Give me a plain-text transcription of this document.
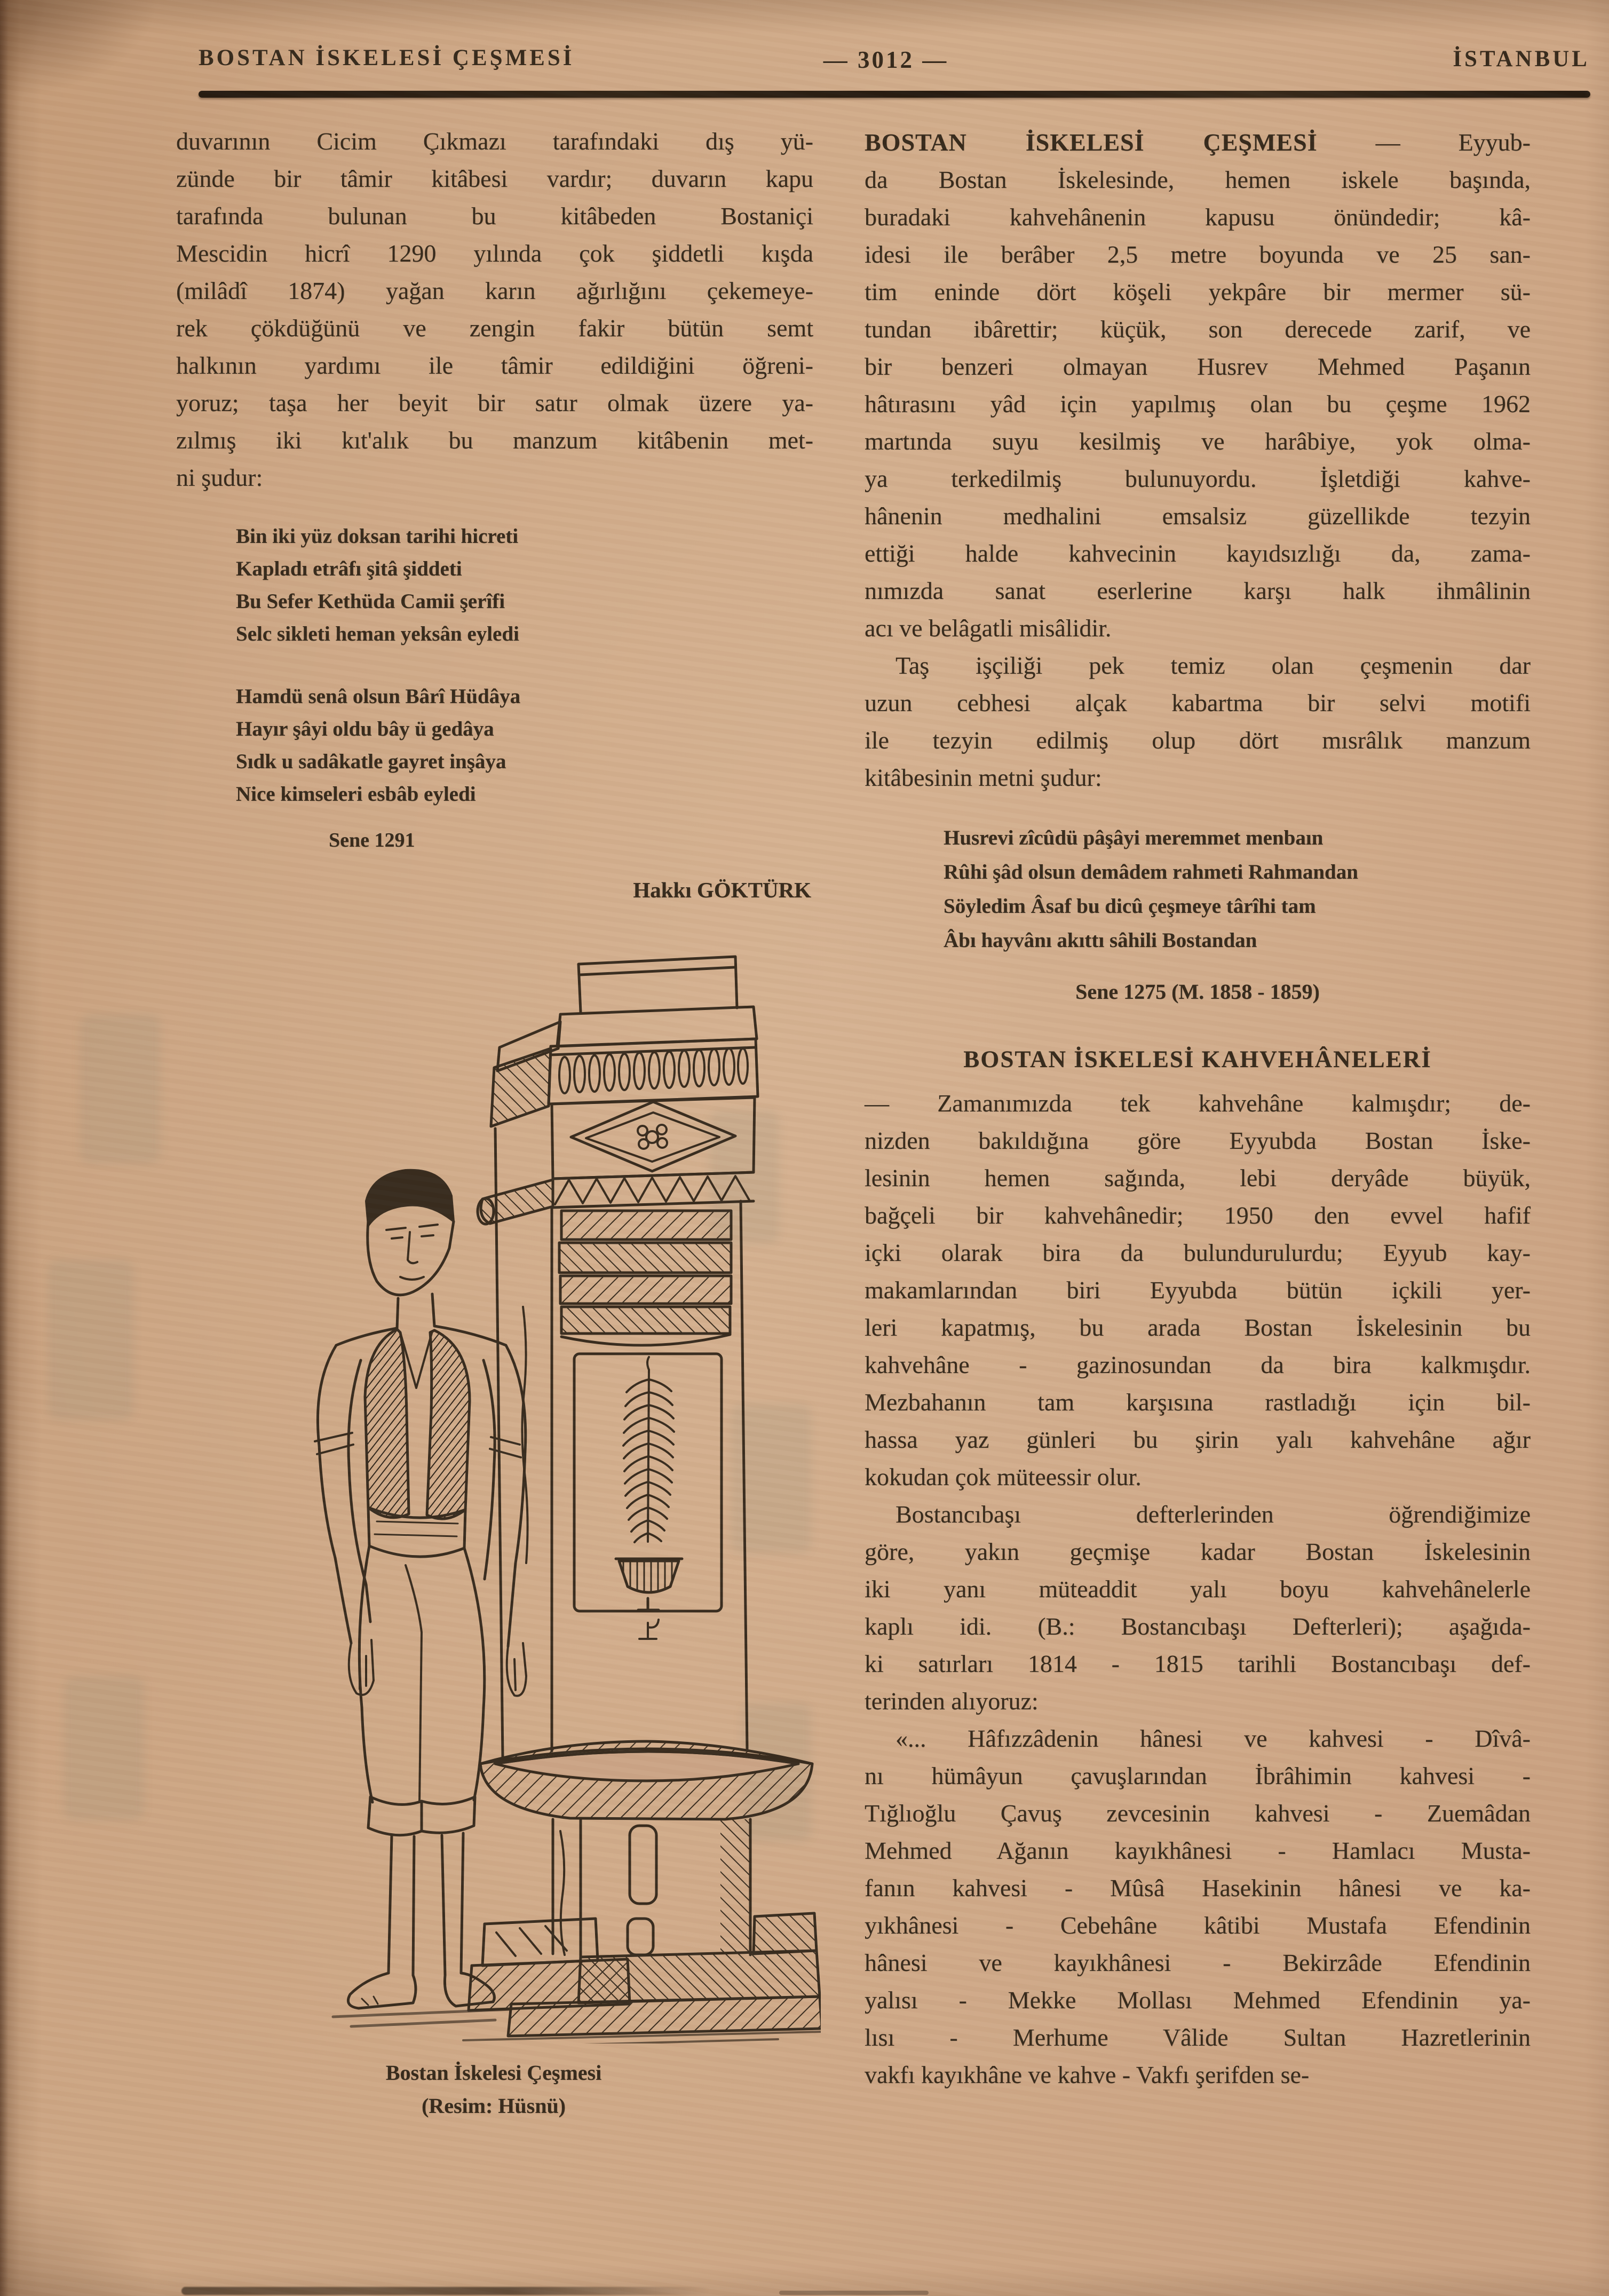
BOSTAN İSKELESİ ÇEŞMESİ	— 3012 —	İSTANBUL
duvarının Cicim Çıkmazı tarafındaki dış yü-
zünde bir tâmir kitâbesi vardır; duvarın kapu
tarafında bulunan bu kitâbeden Bostaniçi
Mescidin hicrî 1290 yılında çok şiddetli kışda
(milâdî 1874) yağan karın ağırlığını çekemeye-
rek çökdüğünü ve zengin fakir bütün semt
halkının yardımı ile tâmir edildiğini öğreni-
yoruz; taşa her beyit bir satır olmak üzere ya-
zılmış iki kıt'alık bu manzum kitâbenin met-
ni şudur:
Bin iki yüz doksan tarihi hicreti
Kapladı etrâfı şitâ şiddeti
Bu Sefer Kethüda Camii şerîfi
Selc sikleti heman yeksân eyledi
Hamdü senâ olsun Bârî Hüdâya
Hayır şâyi oldu bây ü gedâya
Sıdk u sadâkatle gayret inşâya
Nice kimseleri esbâb eyledi
Sene 1291
Hakkı GÖKTÜRK
Bostan İskelesi Çeşmesi
(Resim: Hüsnü)
BOSTAN İSKELESİ ÇEŞMESİ — Eyyub-
da Bostan İskelesinde, hemen iskele başında,
buradaki kahvehânenin kapusu önündedir; kâ-
idesi ile berâber 2,5 metre boyunda ve 25 san-
tim eninde dört köşeli yekpâre bir mermer sü-
tundan ibârettir; küçük, son derecede zarif, ve
bir benzeri olmayan Husrev Mehmed Paşanın
hâtırasını yâd için yapılmış olan bu çeşme 1962
martında suyu kesilmiş ve harâbiye, yok olma-
ya terkedilmiş bulunuyordu. İşletdiği kahve-
hânenin medhalini emsalsiz güzellikde tezyin
ettiği halde kahvecinin kayıdsızlığı da, zama-
nımızda sanat eserlerine karşı halk ihmâlinin
acı ve belâgatli misâlidir.
Taş işçiliği pek temiz olan çeşmenin dar
uzun cebhesi alçak kabartma bir selvi motifi
ile tezyin edilmiş olup dört mısrâlık manzum
kitâbesinin metni şudur:
Husrevi zîcûdü pâşâyi meremmet menbaın
Rûhi şâd olsun demâdem rahmeti Rahmandan
Söyledim Âsaf bu dicû çeşmeye târîhi tam
Âbı hayvânı akıttı sâhili Bostandan
Sene 1275 (M. 1858 - 1859)
BOSTAN İSKELESİ KAHVEHÂNELERİ
— Zamanımızda tek kahvehâne kalmışdır; de-
nizden bakıldığına göre Eyyubda Bostan İske-
lesinin hemen sağında, lebi deryâde büyük,
bağçeli bir kahvehânedir; 1950 den evvel hafif
içki olarak bira da bulundurulurdu; Eyyub kay-
makamlarından biri Eyyubda bütün içkili yer-
leri kapatmış, bu arada Bostan İskelesinin bu
kahvehâne - gazinosundan da bira kalkmışdır.
Mezbahanın tam karşısına rastladığı için bil-
hassa yaz günleri bu şirin yalı kahvehâne ağır
kokudan çok müteessir olur.
Bostancıbaşı defterlerinden öğrendiğimize
göre, yakın geçmişe kadar Bostan İskelesinin
iki yanı müteaddit yalı boyu kahvehânelerle
kaplı idi. (B.: Bostancıbaşı Defterleri); aşağıda-
ki satırları 1814 - 1815 tarihli Bostancıbaşı def-
terinden alıyoruz:
«... Hâfızzâdenin hânesi ve kahvesi - Dîvâ-
nı hümâyun çavuşlarından İbrâhimin kahvesi -
Tığlıoğlu Çavuş zevcesinin kahvesi - Zuemâdan
Mehmed Ağanın kayıkhânesi - Hamlacı Musta-
fanın kahvesi - Mûsâ Hasekinin hânesi ve ka-
yıkhânesi - Cebehâne kâtibi Mustafa Efendinin
hânesi ve kayıkhânesi - Bekirzâde Efendinin
yalısı - Mekke Mollası Mehmed Efendinin ya-
lısı - Merhume Vâlide Sultan Hazretlerinin
vakfı kayıkhâne ve kahve - Vakfı şerifden se-
